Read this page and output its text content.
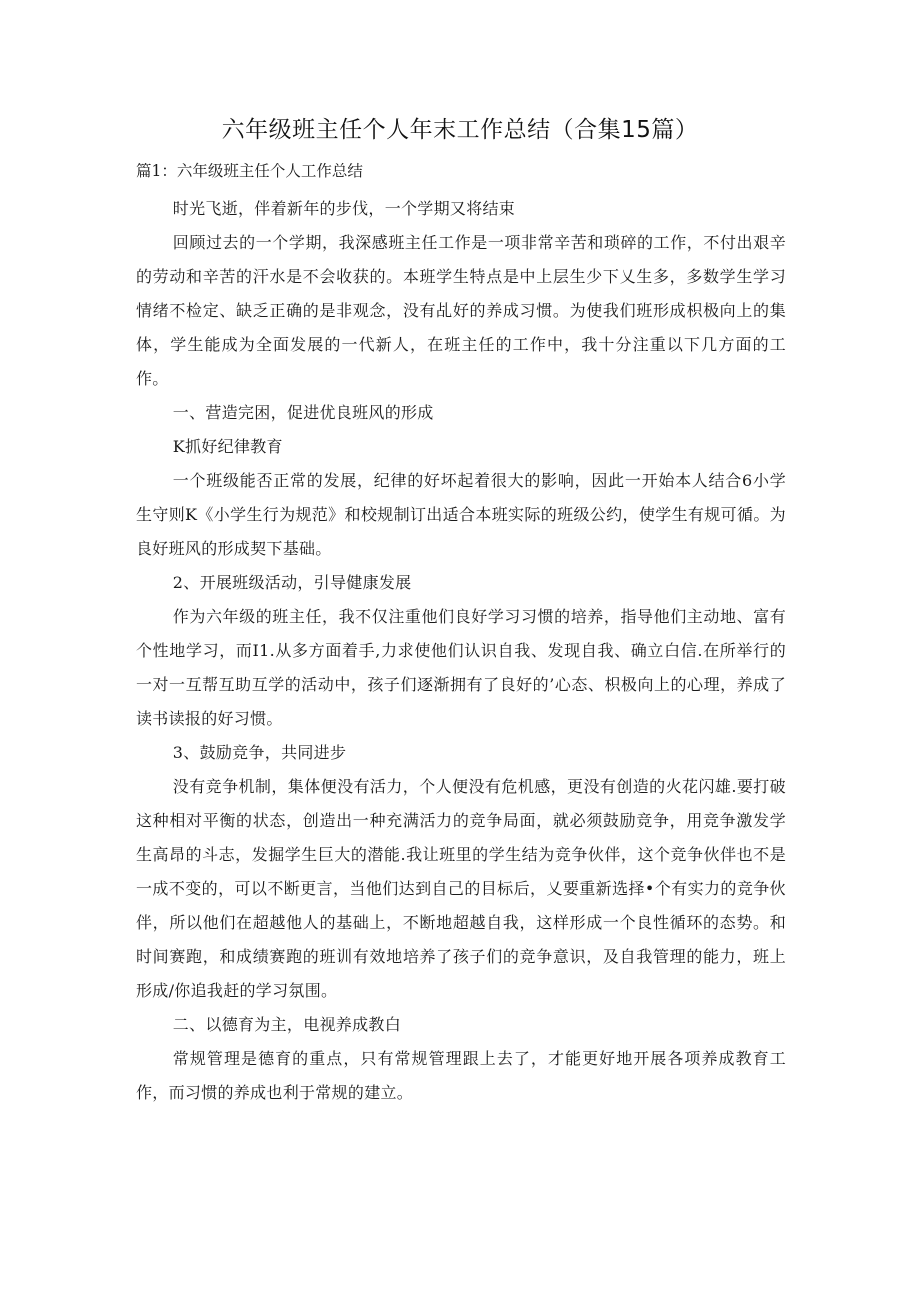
六年级班主任个人年末工作总结（合集15篇）
篇1：六年级班主任个人工作总结

时光飞逝，伴着新年的步伐，一个学期又将结束

回顾过去的一个学期，我深感班主任工作是一项非常辛苦和琐碎的工作，不付出艰辛的劳动和辛苦的汗水是不会收获的。本班学生特点是中上层生少下乂生多，多数学生学习情绪不检定、缺乏正确的是非观念，没有乩好的养成习惯。为使我们班形成枳极向上的集体，学生能成为全面发展的一代新人，在班主任的工作中，我十分注重以下几方面的工作。

一、营造完困，促进优良班风的形成

K抓好纪律教育

一个班级能否正常的发展，纪律的好坏起着很大的影响，因此一开始本人结合6小学生守则K《小学生行为规范》和校规制订出适合本班实际的班级公约，使学生有规可循。为良好班风的形成契下基础。

2、开展班级活动，引导健康发展

作为六年级的班主任，我不仅注重他们良好学习习惯的培养，指导他们主动地、富有个性地学习，而I1.从多方面着手,力求使他们认识自我、发现自我、确立白信.在所举行的一对一互帮互助互学的活动中，孩子们逐渐拥有了良好的’心态、枳极向上的心理，养成了读书读报的好习惯。

3、鼓励竞争，共同进步

没有竞争机制，集体便没有活力，个人便没有危机感，更没有创造的火花闪雄.要打破这种相对平衡的状态，创造出一种充满活力的竞争局面，就必须鼓励竞争，用竞争激发学生高昂的斗志，发掘学生巨大的潜能.我让班里的学生结为竞争伙伴，这个竞争伙伴也不是一成不变的，可以不断更言，当他们达到自己的目标后，乂要重新选择•个有实力的竞争伙伴，所以他们在超越他人的基础上，不断地超越自我，这样形成一个良性循环的态势。和时间赛跑，和成绩赛跑的班训有效地培养了孩子们的竞争意识，及自我管理的能力，班上形成/你追我赶的学习氛围。

二、以德育为主，电视养成教白

常规管理是德育的重点，只有常规管理跟上去了，才能更好地开展各项养成教育工作，而习惯的养成也利于常规的建立。
